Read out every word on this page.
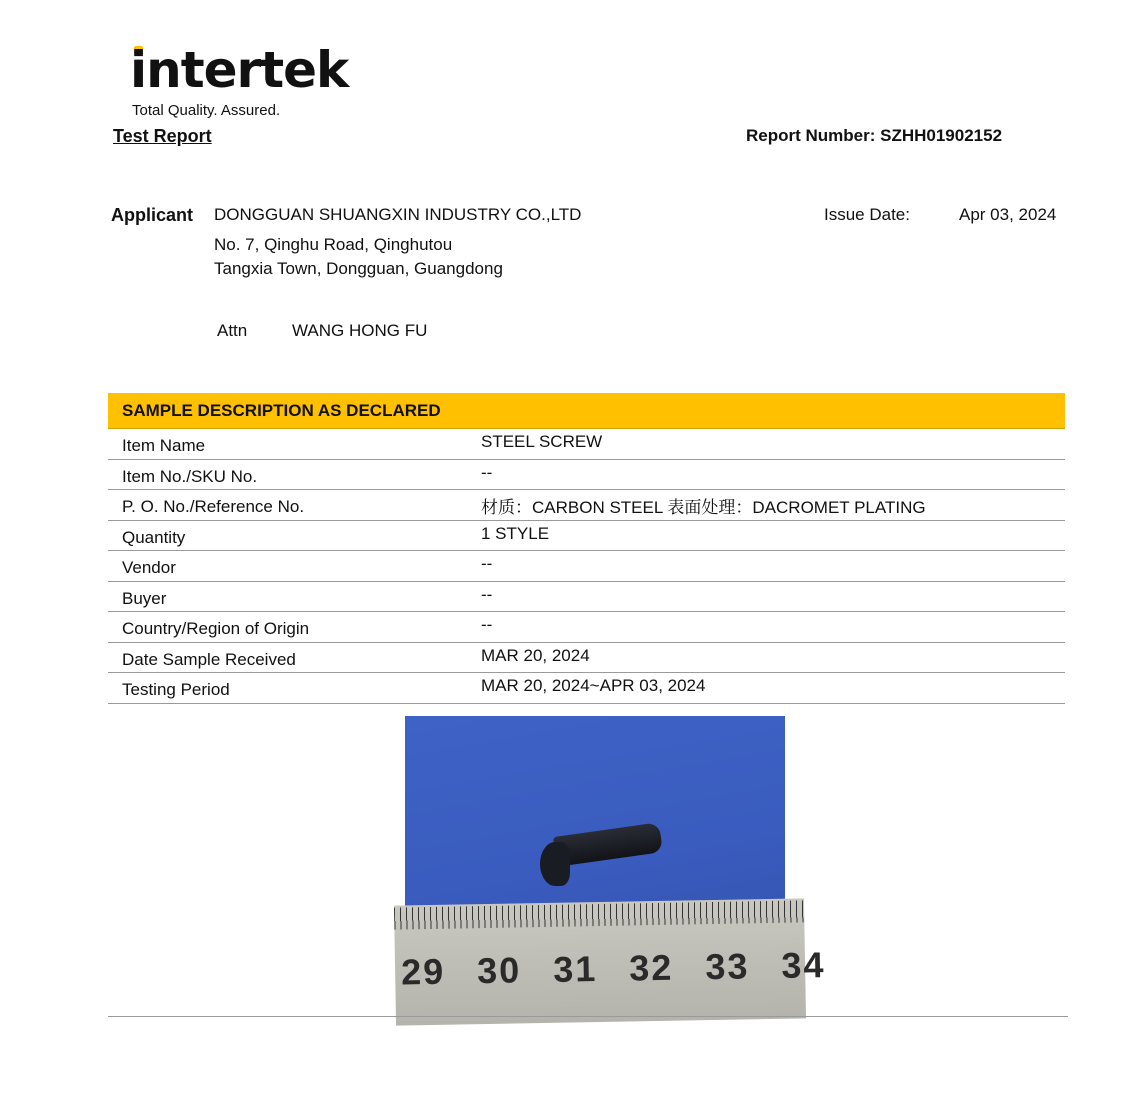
intertek
Total Quality. Assured.
Test Report	Report Number: SZHH01902152
Applicant DONGGUAN SHUANGXIN INDUSTRY CO.,LTD
No. 7, Qinghu Road, Qinghutou
Tangxia Town, Dongguan, Guangdong
Issue Date:	Apr 03, 2024
Attn	WANG HONG FU
SAMPLE DESCRIPTION AS DECLARED
Item Name	STEEL SCREW
Item No./SKU No.	--
P. O. No./Reference No.	材质：CARBON STEEL 表面处理：DACROMET PLATING
Quantity	1 STYLE
Vendor	--
Buyer	--
Country/Region of Origin	--
Date Sample Received	MAR 20, 2024
Testing Period	MAR 20, 2024~APR 03, 2024
29 30 31 32 33 34
